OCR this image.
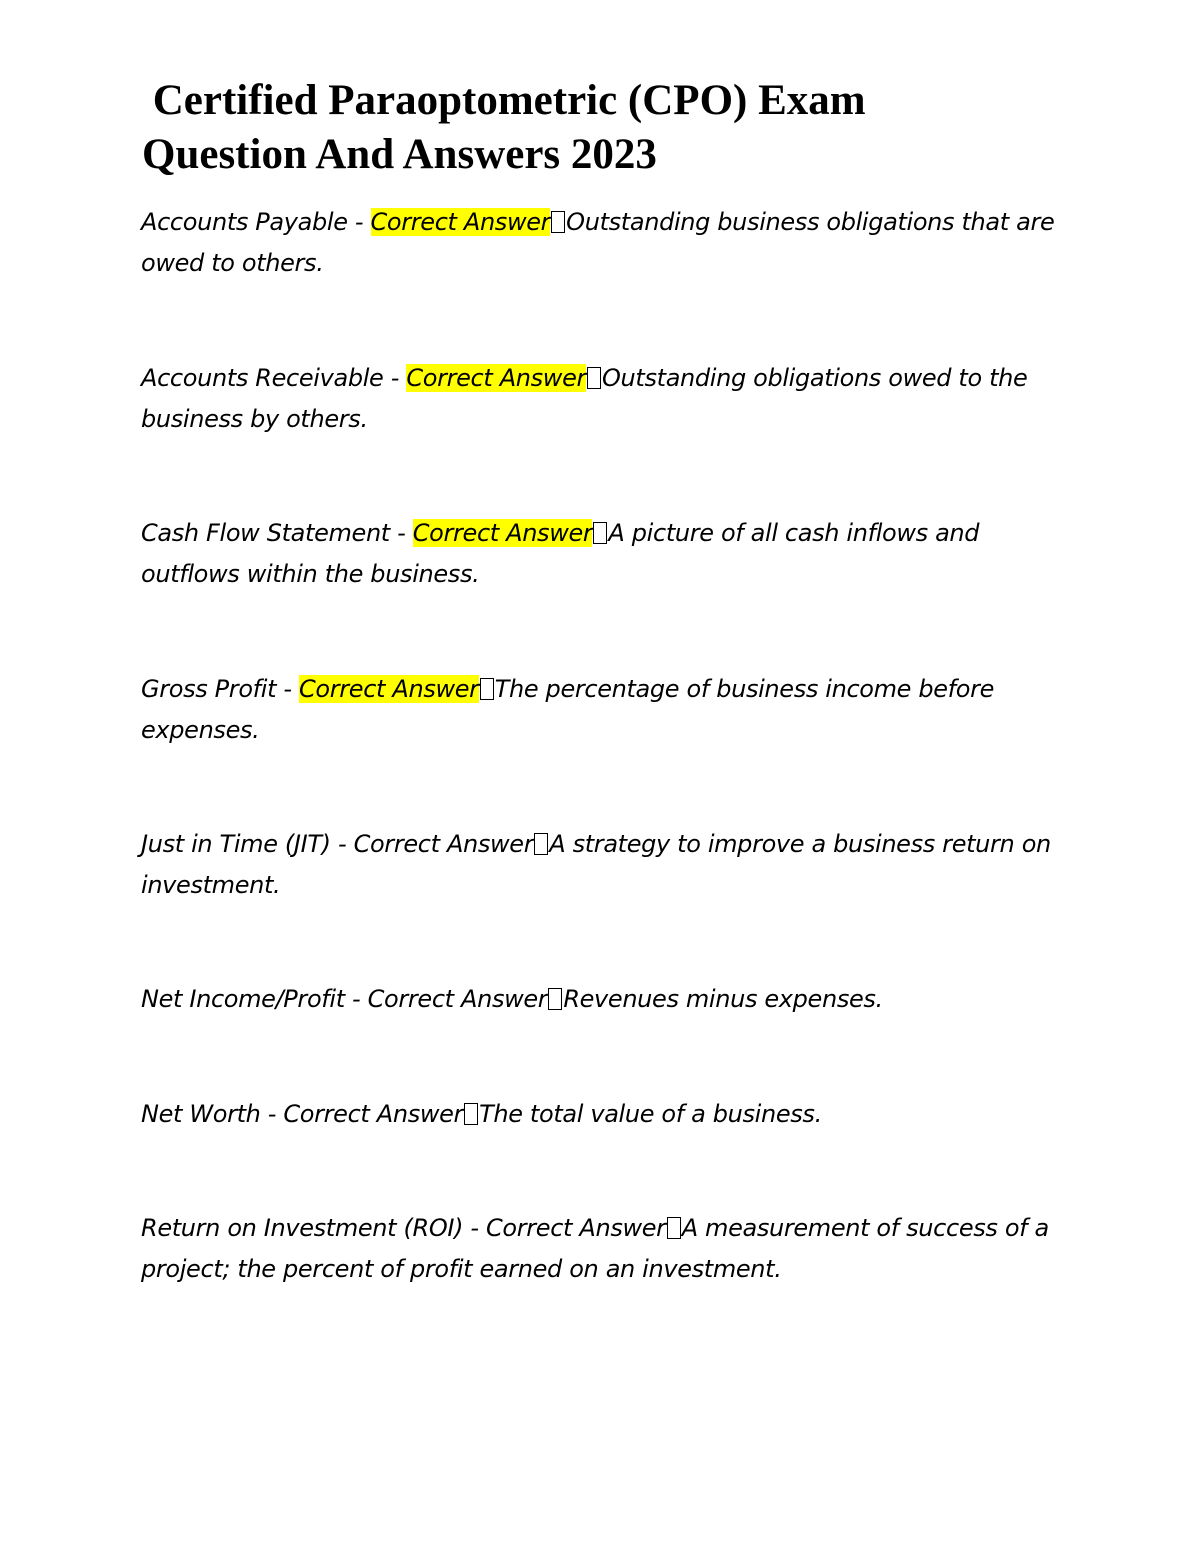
Certified Paraoptometric (CPO) Exam
Question And Answers 2023

Accounts Payable - Correct Answer Outstanding business obligations that are owed to others.

Accounts Receivable - Correct Answer Outstanding obligations owed to the business by others.

Cash Flow Statement - Correct Answer A picture of all cash inflows and outflows within the business.

Gross Profit - Correct Answer The percentage of business income before expenses.

Just in Time (JIT) - Correct Answer A strategy to improve a business return on investment.

Net Income/Profit - Correct Answer Revenues minus expenses.

Net Worth - Correct Answer The total value of a business.

Return on Investment (ROI) - Correct Answer A measurement of success of a project; the percent of profit earned on an investment.
